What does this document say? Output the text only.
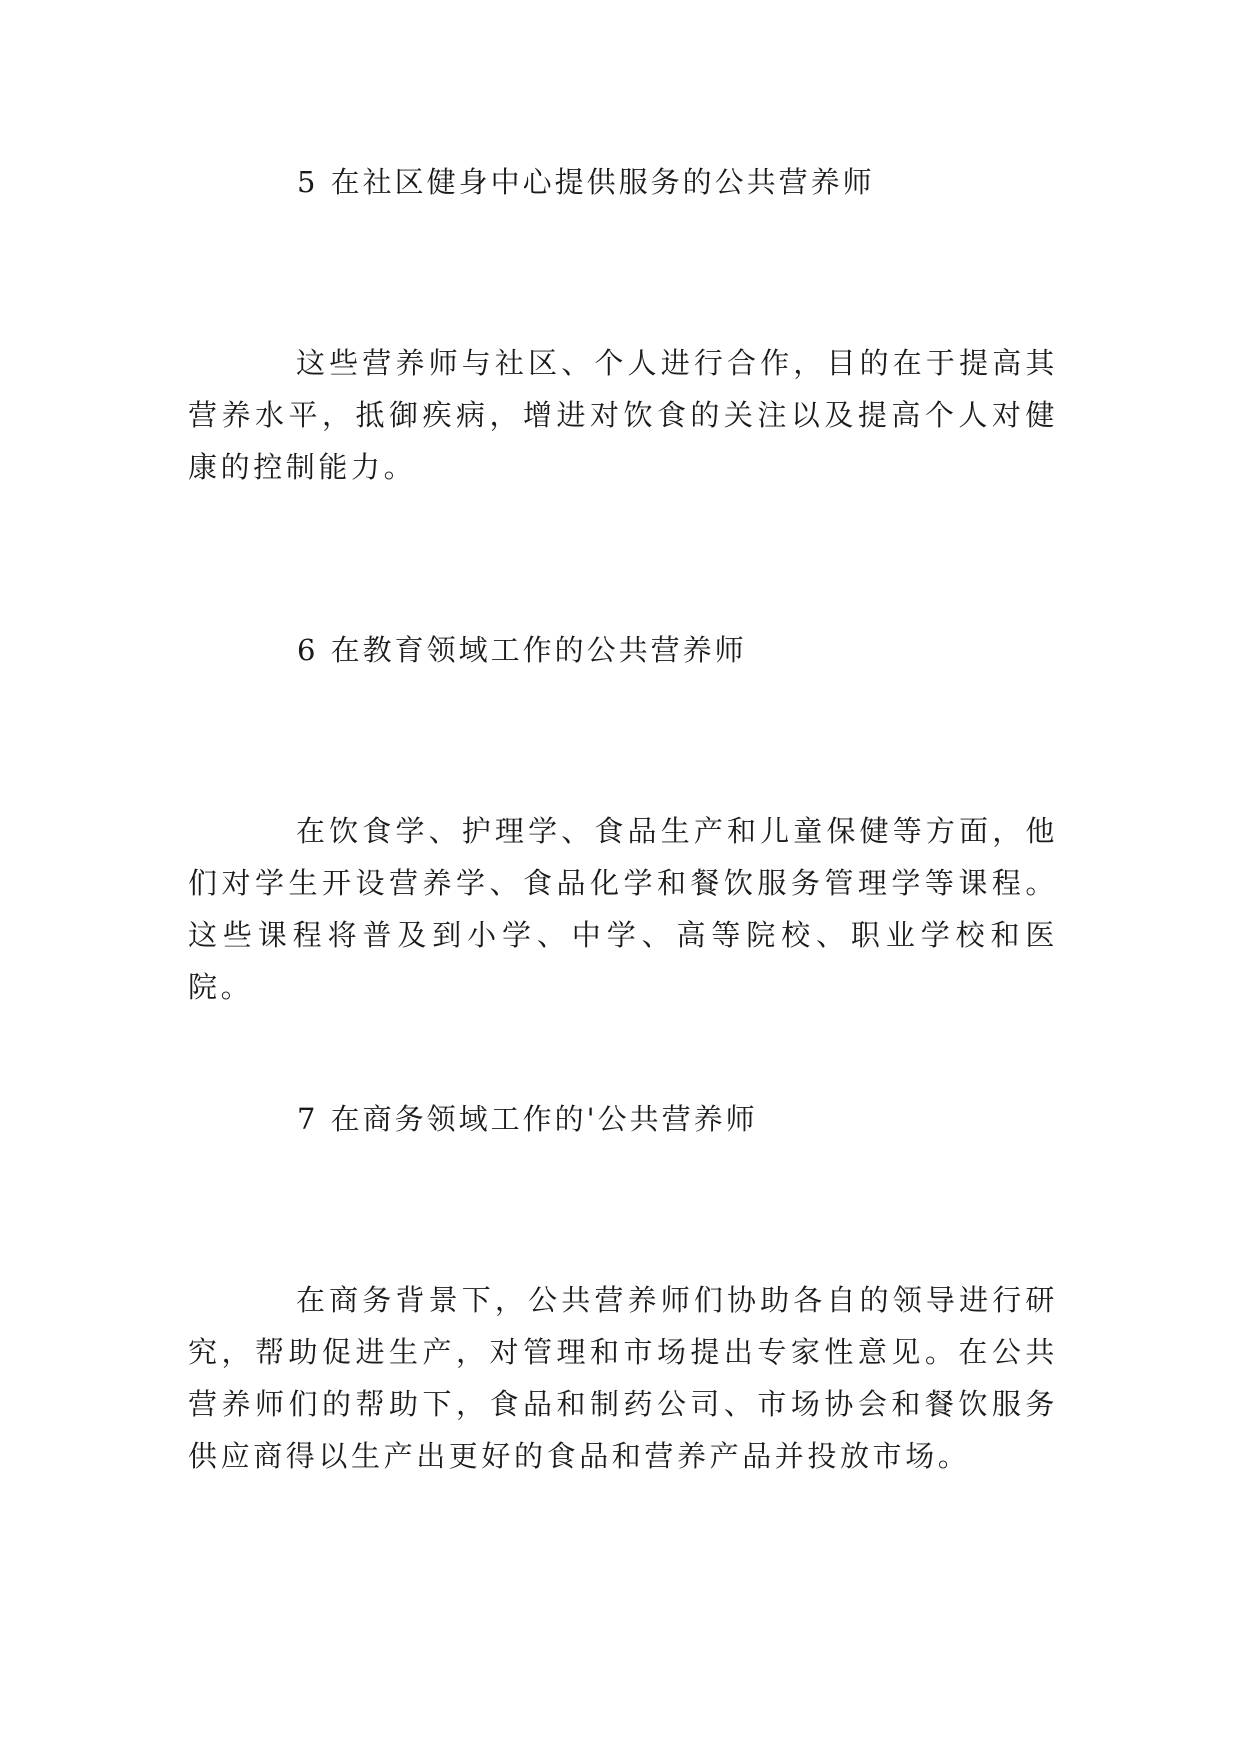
5 在社区健身中心提供服务的公共营养师

这些营养师与社区、个人进行合作，目的在于提高其营养水平，抵御疾病，增进对饮食的关注以及提高个人对健康的控制能力。

6 在教育领域工作的公共营养师

在饮食学、护理学、食品生产和儿童保健等方面，他们对学生开设营养学、食品化学和餐饮服务管理学等课程。这些课程将普及到小学、中学、高等院校、职业学校和医院。

7 在商务领域工作的'公共营养师

在商务背景下，公共营养师们协助各自的领导进行研究，帮助促进生产，对管理和市场提出专家性意见。在公共营养师们的帮助下，食品和制药公司、市场协会和餐饮服务供应商得以生产出更好的食品和营养产品并投放市场。
